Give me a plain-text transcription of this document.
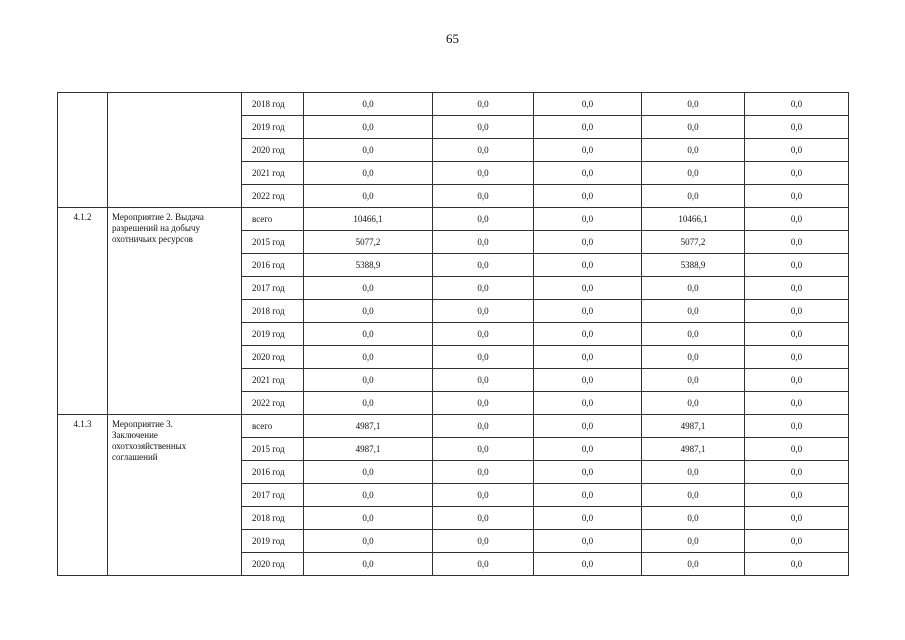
65
		2018 год	0,0	0,0	0,0	0,0	0,0
		2019 год	0,0	0,0	0,0	0,0	0,0
		2020 год	0,0	0,0	0,0	0,0	0,0
		2021 год	0,0	0,0	0,0	0,0	0,0
		2022 год	0,0	0,0	0,0	0,0	0,0
4.1.2	Мероприятие 2. Выдача
разрешений на добычу
охотничьих ресурсов	всего	10466,1	0,0	0,0	10466,1	0,0
		2015 год	5077,2	0,0	0,0	5077,2	0,0
		2016 год	5388,9	0,0	0,0	5388,9	0,0
		2017 год	0,0	0,0	0,0	0,0	0,0
		2018 год	0,0	0,0	0,0	0,0	0,0
		2019 год	0,0	0,0	0,0	0,0	0,0
		2020 год	0,0	0,0	0,0	0,0	0,0
		2021 год	0,0	0,0	0,0	0,0	0,0
		2022 год	0,0	0,0	0,0	0,0	0,0
4.1.3	Мероприятие 3.
Заключение
охотхозяйственных
соглашений	всего	4987,1	0,0	0,0	4987,1	0,0
		2015 год	4987,1	0,0	0,0	4987,1	0,0
		2016 год	0,0	0,0	0,0	0,0	0,0
		2017 год	0,0	0,0	0,0	0,0	0,0
		2018 год	0,0	0,0	0,0	0,0	0,0
		2019 год	0,0	0,0	0,0	0,0	0,0
		2020 год	0,0	0,0	0,0	0,0	0,0
